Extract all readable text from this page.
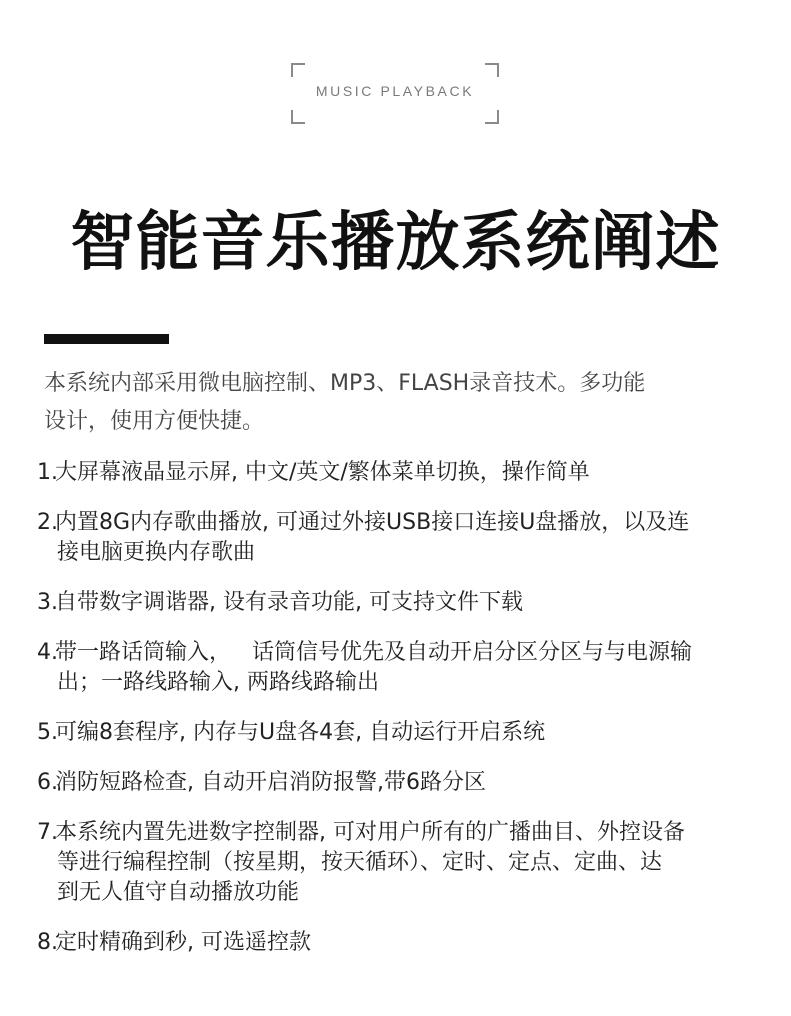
MUSIC PLAYBACK
智能音乐播放系统阐述

本系统内部采用微电脑控制、MP3、FLASH录音技术。多功能
设计，使用方便快捷。

1.
大屏幕液晶显示屏, 中文/英文/繁体菜单切换，操作简单
2.
内置8G内存歌曲播放, 可通过外接USB接口连接U盘播放，以及连
接电脑更换内存歌曲
3.
自带数字调谐器, 设有录音功能, 可支持文件下载
4.
带一路话筒输入，   话筒信号优先及自动开启分区分区与与电源输
出；一路线路输入, 两路线路输出
5.
可编8套程序, 内存与U盘各4套, 自动运行开启系统
6.
消防短路检查, 自动开启消防报警,带6路分区
7.
本系统内置先进数字控制器, 可对用户所有的广播曲目、外控设备
等进行编程控制（按星期，按天循环）、定时、定点、定曲、达
到无人值守自动播放功能
8.
定时精确到秒, 可选遥控款
